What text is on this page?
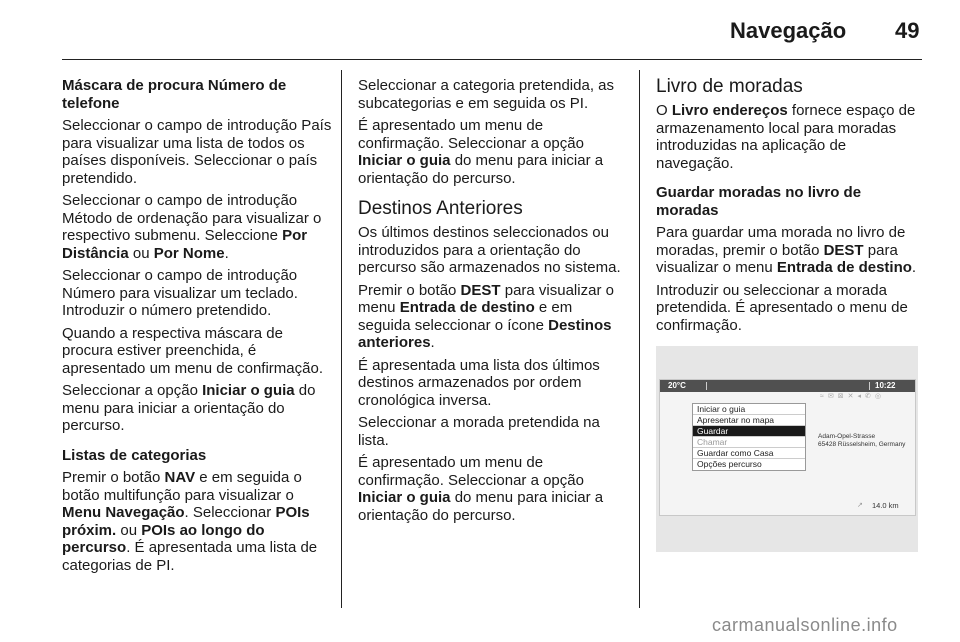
Navegação 49

Máscara de procura Número de telefone

Seleccionar o campo de introdução País para visualizar uma lista de todos os países disponíveis. Seleccionar o país pretendido.

Seleccionar o campo de introdução Método de ordenação para visualizar o respectivo submenu. Seleccione Por Distância ou Por Nome.

Seleccionar o campo de introdução Número para visualizar um teclado. Introduzir o número pretendido.

Quando a respectiva máscara de procura estiver preenchida, é apresentado um menu de confirmação.

Seleccionar a opção Iniciar o guia do menu para iniciar a orientação do percurso.

Listas de categorias

Premir o botão NAV e em seguida o botão multifunção para visualizar o Menu Navegação. Seleccionar POIs próxim. ou POIs ao longo do percurso. É apresentada uma lista de categorias de PI.

Seleccionar a categoria pretendida, as subcategorias e em seguida os PI.

É apresentado um menu de confirmação. Seleccionar a opção Iniciar o guia do menu para iniciar a orientação do percurso.

Destinos Anteriores

Os últimos destinos seleccionados ou introduzidos para a orientação do percurso são armazenados no sistema.

Premir o botão DEST para visualizar o menu Entrada de destino e em seguida seleccionar o ícone Destinos anteriores.

É apresentada uma lista dos últimos destinos armazenados por ordem cronológica inversa.

Seleccionar a morada pretendida na lista.

É apresentado um menu de confirmação. Seleccionar a opção Iniciar o guia do menu para iniciar a orientação do percurso.

Livro de moradas

O Livro endereços fornece espaço de armazenamento local para moradas introduzidas na aplicação de navegação.

Guardar moradas no livro de moradas

Para guardar uma morada no livro de moradas, premir o botão DEST para visualizar o menu Entrada de destino.

Introduzir ou seleccionar a morada pretendida. É apresentado o menu de confirmação.

20°C	10:22
≈✉⊠✕◂✆◎
Iniciar o guia
Apresentar no mapa
Guardar
Chamar
Guardar como Casa
Opções percurso
Adam-Opel-Strasse
65428 Rüsselsheim, Germany
↗ 14.0 km
carmanualsonline.info
